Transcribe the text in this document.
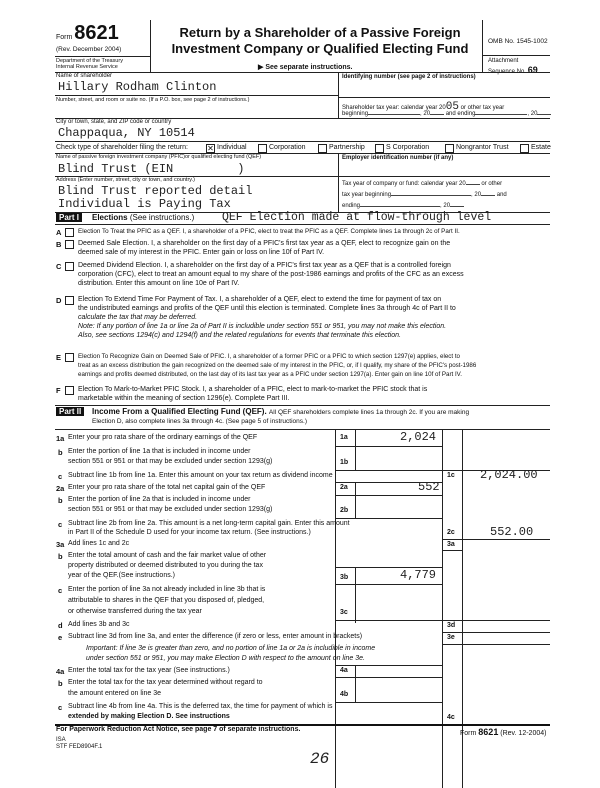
Form 8621
(Rev. December 2004)
Department of the Treasury
Internal Revenue Service
Return by a Shareholder of a Passive Foreign
Investment Company or Qualified Electing Fund
▶ See separate instructions.
OMB No. 1545-1002
Attachment
Sequence No. 69
Name of shareholder
Hillary Rodham Clinton
Identifying number (see page 2 of instructions)
Number, street, and room or suite no. (If a P.O. box, see page 2 of instructions.)
Shareholder tax year: calendar year 2005 or other tax year
beginning	, 20	and ending	, 20
City or town, state, and ZIP code or country
Chappaqua, NY 10514
Check type of shareholder filing the return: ✕ Individual	Corporation	Partnership	S Corporation	Nongrantor Trust	Estate
Name of passive foreign investment company (PFIC)or qualified electing fund (QEF)
Blind Trust (EIN	)
Employer identification number (if any)
Address (Enter number, street, city or town, and country.)
Blind Trust reported detail
Individual is Paying Tax
Tax year of company or fund: calendar year 20	or other
tax year beginning	, 20	and
ending	, 20
Part I	Elections (See instructions.) QEF Election made at flow-through level
A	Election To Treat the PFIC as a QEF. I, a shareholder of a PFIC, elect to treat the PFIC as a QEF. Complete lines 1a through 2c of Part II.
B Deemed Sale Election. I, a shareholder on the first day of a PFIC's first tax year as a QEF, elect to recognize gain on the
deemed sale of my interest in the PFIC. Enter gain or loss on line 10f of Part IV.
C Deemed Dividend Election. I, a shareholder on the first day of a PFIC's first tax year as a QEF that is a controlled foreign
corporation (CFC), elect to treat an amount equal to my share of the post-1986 earnings and profits of the CFC as an excess
distribution. Enter this amount on line 10e of Part IV.
D Election To Extend Time For Payment of Tax. I, a shareholder of a QEF, elect to extend the time for payment of tax on
the undistributed earnings and profits of the QEF until this election is terminated. Complete lines 3a through 4c of Part II to
calculate the tax that may be deferred.
Note: If any portion of line 1a or line 2a of Part II is includible under section 551 or 951, you may not make this election.
Also, see sections 1294(c) and 1294(f) and the related regulations for events that terminate this election.
E	Election To Recognize Gain on Deemed Sale of PFIC. I, a shareholder of a former PFIC or a PFIC to which section 1297(e) applies, elect to
treat as an excess distribution the gain recognized on the deemed sale of my interest in the PFIC, or, if I qualify, my share of the PFIC's post-1986
earnings and profits deemed distributed, on the last day of its last tax year as a PFIC under section 1297(a). Enter gain on line 10f of Part IV.
F Election To Mark-to-Market PFIC Stock. I, a shareholder of a PFIC, elect to mark-to-market the PFIC stock that is
marketable within the meaning of section 1296(e). Complete Part III.
Part II	Income From a Qualified Electing Fund (QEF). All QEF shareholders complete lines 1a through 2c. If you are making
Election D, also complete lines 3a through 4c. (See page 5 of instructions.)
1a Enter your pro rata share of the ordinary earnings of the QEF	1a	2,024
b Enter the portion of line 1a that is included in income under
section 551 or 951 or that may be excluded under section 1293(g)	1b
c Subtract line 1b from line 1a. Enter this amount on your tax return as dividend income	1c 2,024.00
2a Enter your pro rata share of the total net capital gain of the QEF	2a	552
b Enter the portion of line 2a that is included in income under
section 551 or 951 or that may be excluded under section 1293(g)	2b
c Subtract line 2b from line 2a. This amount is a net long-term capital gain. Enter this amount
in Part II of the Schedule D used for your income tax return. (See instructions.)	2c	552.00
3a Add lines 1c and 2c	3a
b Enter the total amount of cash and the fair market value of other
property distributed or deemed distributed to you during the tax
year of the QEF.(See instructions.)	3b	4,779
c Enter the portion of line 3a not already included in line 3b that is
attributable to shares in the QEF that you disposed of, pledged,
or otherwise transferred during the tax year	3c
d Add lines 3b and 3c	3d
e Subtract line 3d from line 3a, and enter the difference (if zero or less, enter amount in brackets)	3e
Important: If line 3e is greater than zero, and no portion of line 1a or 2a is includible in income
under section 551 or 951, you may make Election D with respect to the amount on line 3e.
4a Enter the total tax for the tax year (See instructions.)	4a
b Enter the total tax for the tax year determined without regard to
the amount entered on line 3e	4b
c Subtract line 4b from line 4a. This is the deferred tax, the time for payment of which is
extended by making Election D. See instructions	4c
For Paperwork Reduction Act Notice, see page 7 of separate instructions.
Form 8621 (Rev. 12-2004)
ISA
STF FED8904F.1
26
